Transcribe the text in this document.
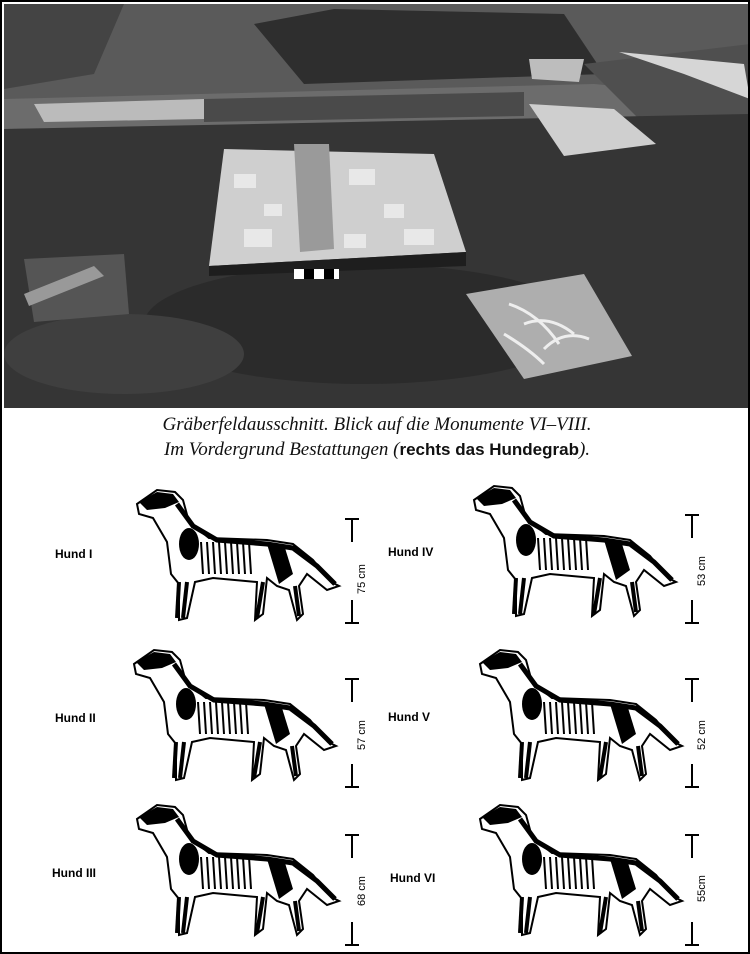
Gräberfeldausschnitt. Blick auf die Monumente VI–VIII.
Im Vordergrund Bestattungen (rechts das Hundegrab).
Hund I
Hund II
Hund III
Hund IV
Hund V
Hund VI
75 cm
57 cm
68 cm
53 cm
52 cm
55cm
